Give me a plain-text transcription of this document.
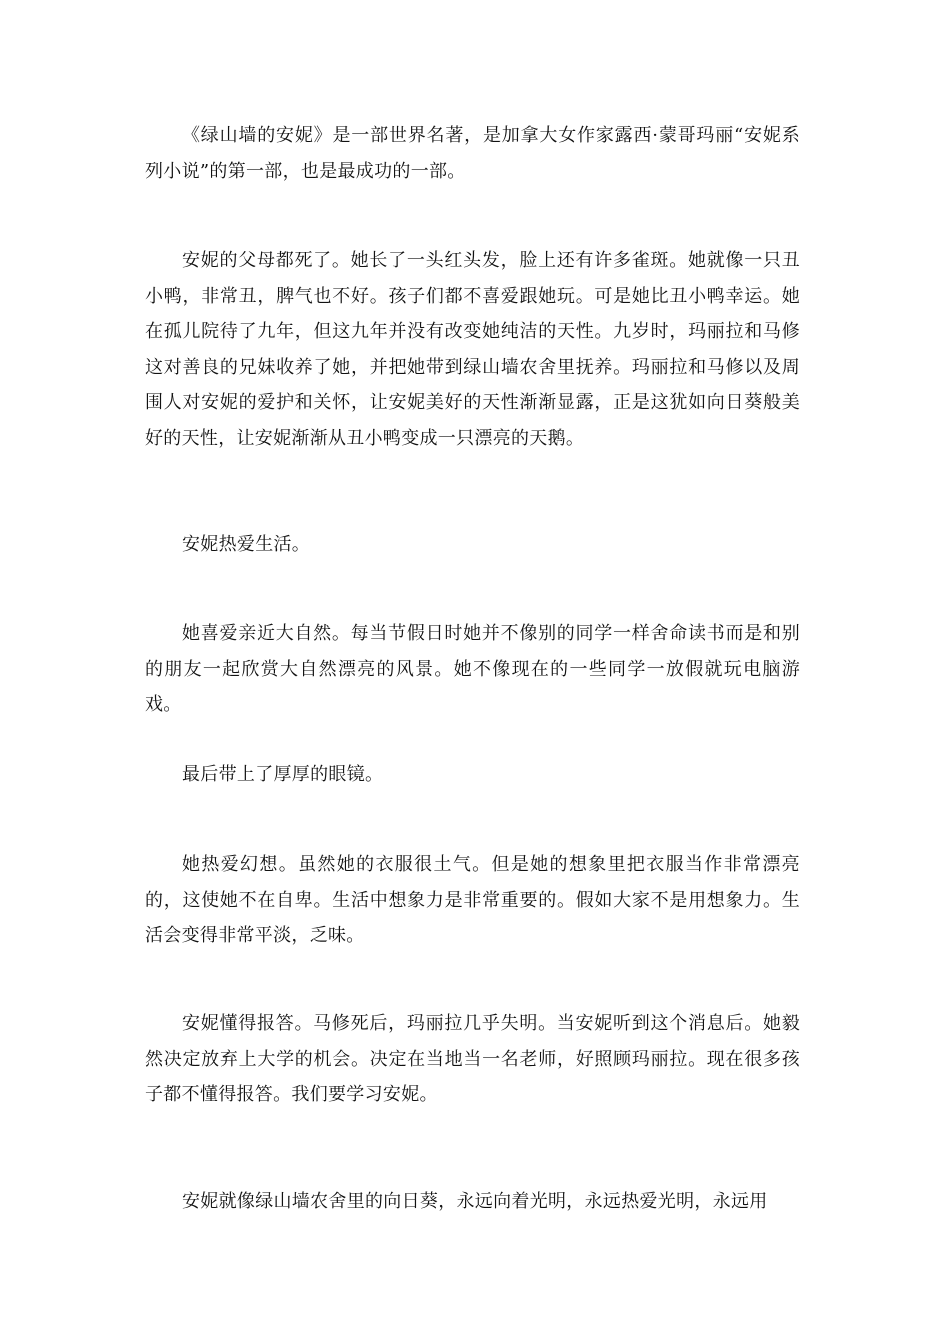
《绿山墙的安妮》是一部世界名著，是加拿大女作家露西·蒙哥玛丽“安妮系列小说”的第一部，也是最成功的一部。

安妮的父母都死了。她长了一头红头发，脸上还有许多雀斑。她就像一只丑小鸭，非常丑，脾气也不好。孩子们都不喜爱跟她玩。可是她比丑小鸭幸运。她在孤儿院待了九年，但这九年并没有改变她纯洁的天性。九岁时，玛丽拉和马修这对善良的兄妹收养了她，并把她带到绿山墙农舍里抚养。玛丽拉和马修以及周围人对安妮的爱护和关怀，让安妮美好的天性渐渐显露，正是这犹如向日葵般美好的天性，让安妮渐渐从丑小鸭变成一只漂亮的天鹅。

安妮热爱生活。

她喜爱亲近大自然。每当节假日时她并不像别的同学一样舍命读书而是和别的朋友一起欣赏大自然漂亮的风景。她不像现在的一些同学一放假就玩电脑游戏。

最后带上了厚厚的眼镜。

她热爱幻想。虽然她的衣服很土气。但是她的想象里把衣服当作非常漂亮的，这使她不在自卑。生活中想象力是非常重要的。假如大家不是用想象力。生活会变得非常平淡，乏味。

安妮懂得报答。马修死后，玛丽拉几乎失明。当安妮听到这个消息后。她毅然决定放弃上大学的机会。决定在当地当一名老师，好照顾玛丽拉。现在很多孩子都不懂得报答。我们要学习安妮。

安妮就像绿山墙农舍里的向日葵，永远向着光明，永远热爱光明，永远用
